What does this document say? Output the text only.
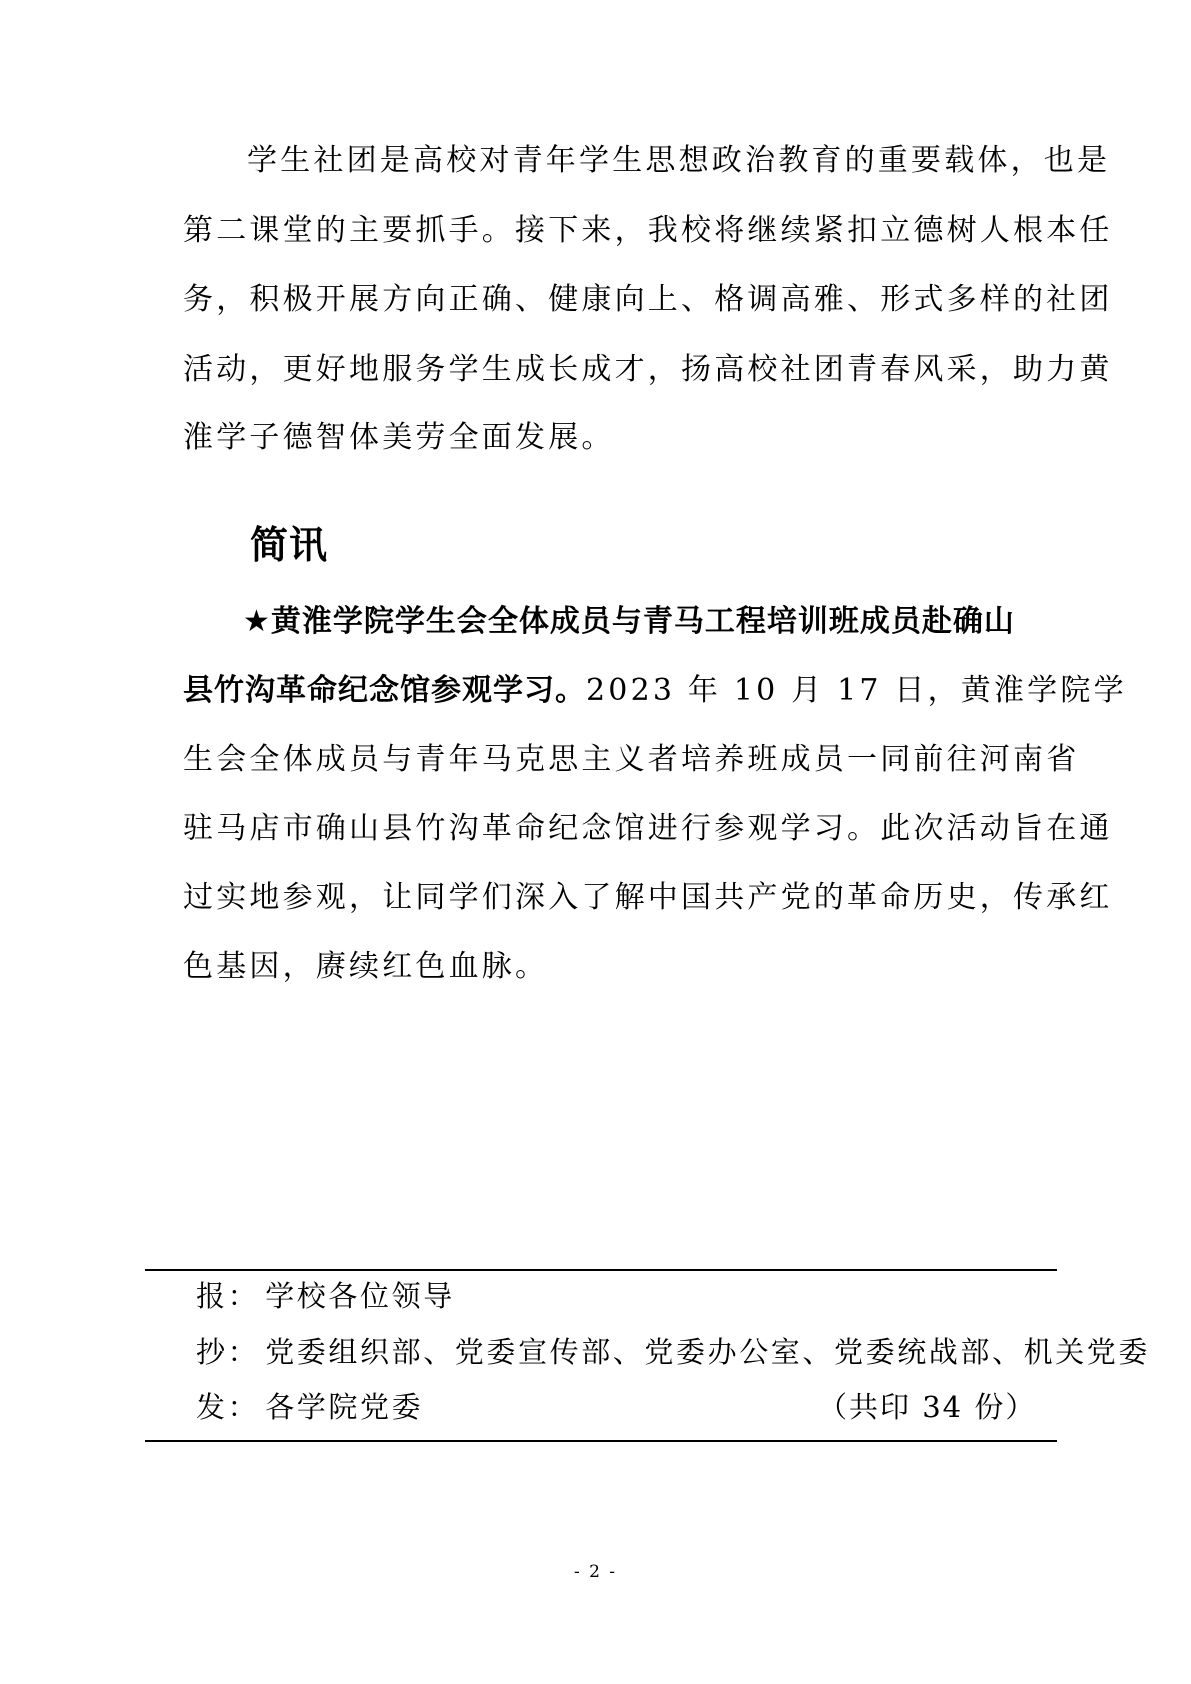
学生社团是高校对青年学生思想政治教育的重要载体，也是
第二课堂的主要抓手。接下来，我校将继续紧扣立德树人根本任
务，积极开展方向正确、健康向上、格调高雅、形式多样的社团
活动，更好地服务学生成长成才，扬高校社团青春风采，助力黄
淮学子德智体美劳全面发展。
简讯
★黄淮学院学生会全体成员与青马工程培训班成员赴确山
县竹沟革命纪念馆参观学习。2023 年 10 月 17 日，黄淮学院学
生会全体成员与青年马克思主义者培养班成员一同前往河南省
驻马店市确山县竹沟革命纪念馆进行参观学习。此次活动旨在通
过实地参观，让同学们深入了解中国共产党的革命历史，传承红
色基因，赓续红色血脉。
报： 学校各位领导
抄： 党委组织部、党委宣传部、党委办公室、党委统战部、机关党委
发： 各学院党委	（共印 34 份）
- 2 -
